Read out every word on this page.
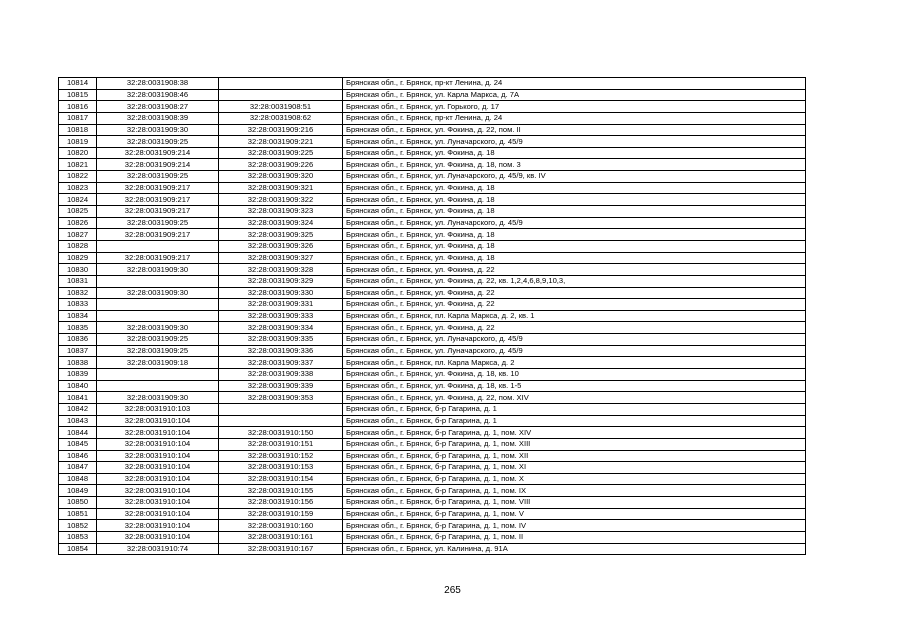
10814	32:28:0031908:38		Брянская обл., г. Брянск, пр-кт Ленина, д. 24
10815	32:28:0031908:46		Брянская обл., г. Брянск, ул. Карла Маркса, д. 7А
10816	32:28:0031908:27	32:28:0031908:51	Брянская обл., г. Брянск, ул. Горького, д. 17
10817	32:28:0031908:39	32:28:0031908:62	Брянская обл., г. Брянск, пр-кт Ленина, д. 24
10818	32:28:0031909:30	32:28:0031909:216	Брянская обл., г. Брянск, ул. Фокина, д. 22, пом. II
10819	32:28:0031909:25	32:28:0031909:221	Брянская обл., г. Брянск, ул. Луначарского, д. 45/9
10820	32:28:0031909:214	32:28:0031909:225	Брянская обл., г. Брянск, ул. Фокина, д. 18
10821	32:28:0031909:214	32:28:0031909:226	Брянская обл., г. Брянск, ул. Фокина, д. 18, пом. 3
10822	32:28:0031909:25	32:28:0031909:320	Брянская обл., г. Брянск, ул. Луначарского, д. 45/9, кв. IV
10823	32:28:0031909:217	32:28:0031909:321	Брянская обл., г. Брянск, ул. Фокина, д. 18
10824	32:28:0031909:217	32:28:0031909:322	Брянская обл., г. Брянск, ул. Фокина, д. 18
10825	32:28:0031909:217	32:28:0031909:323	Брянская обл., г. Брянск, ул. Фокина, д. 18
10826	32:28:0031909:25	32:28:0031909:324	Брянская обл., г. Брянск, ул. Луначарского, д. 45/9
10827	32:28:0031909:217	32:28:0031909:325	Брянская обл., г. Брянск, ул. Фокина, д. 18
10828		32:28:0031909:326	Брянская обл., г. Брянск, ул. Фокина, д. 18
10829	32:28:0031909:217	32:28:0031909:327	Брянская обл., г. Брянск, ул. Фокина, д. 18
10830	32:28:0031909:30	32:28:0031909:328	Брянская обл., г. Брянск, ул. Фокина, д. 22
10831		32:28:0031909:329	Брянская обл., г. Брянск, ул. Фокина, д. 22, кв. 1,2,4,6,8,9,10,3,
10832	32:28:0031909:30	32:28:0031909:330	Брянская обл., г. Брянск, ул. Фокина, д. 22
10833		32:28:0031909:331	Брянская обл., г. Брянск, ул. Фокина, д. 22
10834		32:28:0031909:333	Брянская обл., г. Брянск, пл. Карла Маркса, д. 2, кв. 1
10835	32:28:0031909:30	32:28:0031909:334	Брянская обл., г. Брянск, ул. Фокина, д. 22
10836	32:28:0031909:25	32:28:0031909:335	Брянская обл., г. Брянск, ул. Луначарского, д. 45/9
10837	32:28:0031909:25	32:28:0031909:336	Брянская обл., г. Брянск, ул. Луначарского, д. 45/9
10838	32:28:0031909:18	32:28:0031909:337	Брянская обл., г. Брянск, пл. Карла Маркса, д. 2
10839		32:28:0031909:338	Брянская обл., г. Брянск, ул. Фокина, д. 18, кв. 10
10840		32:28:0031909:339	Брянская обл., г. Брянск, ул. Фокина, д. 18, кв. 1-5
10841	32:28:0031909:30	32:28:0031909:353	Брянская обл., г. Брянск, ул. Фокина, д. 22, пом. XIV
10842	32:28:0031910:103		Брянская обл., г. Брянск, б-р Гагарина, д. 1
10843	32:28:0031910:104		Брянская обл., г. Брянск, б-р Гагарина, д. 1
10844	32:28:0031910:104	32:28:0031910:150	Брянская обл., г. Брянск, б-р Гагарина, д. 1, пом. XIV
10845	32:28:0031910:104	32:28:0031910:151	Брянская обл., г. Брянск, б-р Гагарина, д. 1, пом. XIII
10846	32:28:0031910:104	32:28:0031910:152	Брянская обл., г. Брянск, б-р Гагарина, д. 1, пом. XII
10847	32:28:0031910:104	32:28:0031910:153	Брянская обл., г. Брянск, б-р Гагарина, д. 1, пом. XI
10848	32:28:0031910:104	32:28:0031910:154	Брянская обл., г. Брянск, б-р Гагарина, д. 1, пом. X
10849	32:28:0031910:104	32:28:0031910:155	Брянская обл., г. Брянск, б-р Гагарина, д. 1, пом. IX
10850	32:28:0031910:104	32:28:0031910:156	Брянская обл., г. Брянск, б-р Гагарина, д. 1, пом. VIII
10851	32:28:0031910:104	32:28:0031910:159	Брянская обл., г. Брянск, б-р Гагарина, д. 1, пом. V
10852	32:28:0031910:104	32:28:0031910:160	Брянская обл., г. Брянск, б-р Гагарина, д. 1, пом. IV
10853	32:28:0031910:104	32:28:0031910:161	Брянская обл., г. Брянск, б-р Гагарина, д. 1, пом. II
10854	32:28:0031910:74	32:28:0031910:167	Брянская обл., г. Брянск, ул. Калинина, д. 91А
265
